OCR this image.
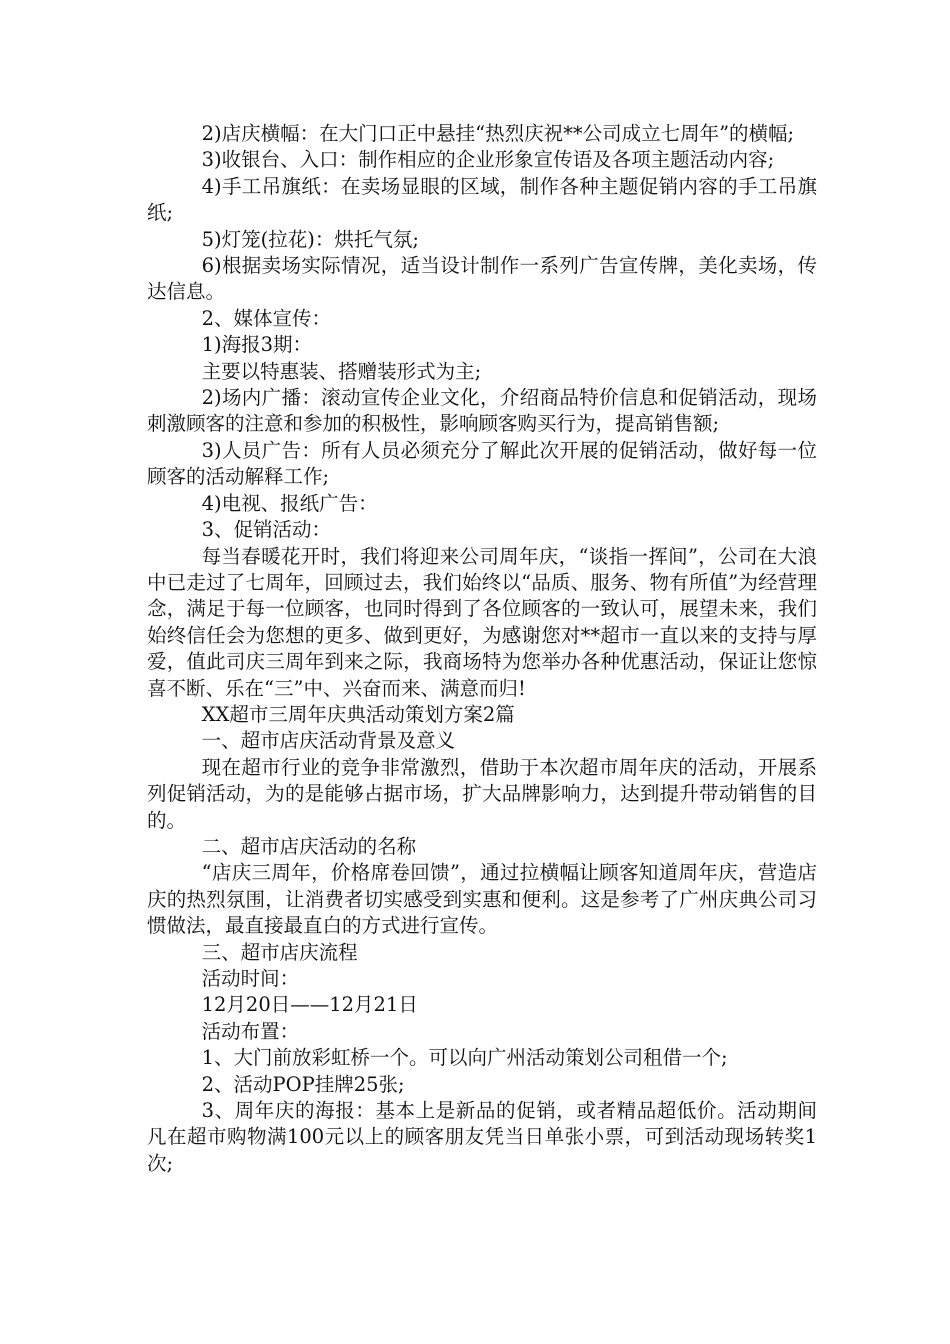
2)店庆横幅：在大门口正中悬挂“热烈庆祝**公司成立七周年”的横幅;

3)收银台、入口：制作相应的企业形象宣传语及各项主题活动内容;

4)手工吊旗纸：在卖场显眼的区域，制作各种主题促销内容的手工吊旗纸;

5)灯笼(拉花)：烘托气氛;

6)根据卖场实际情况，适当设计制作一系列广告宣传牌，美化卖场，传达信息。

2、媒体宣传：

1)海报3期：

主要以特惠装、搭赠装形式为主;

2)场内广播：滚动宣传企业文化，介绍商品特价信息和促销活动，现场刺激顾客的注意和参加的积极性，影响顾客购买行为，提高销售额;

3)人员广告：所有人员必须充分了解此次开展的促销活动，做好每一位顾客的活动解释工作;

4)电视、报纸广告：

3、促销活动：

每当春暖花开时，我们将迎来公司周年庆，“谈指一挥间”，公司在大浪中已走过了七周年，回顾过去，我们始终以“品质、服务、物有所值”为经营理念，满足于每一位顾客，也同时得到了各位顾客的一致认可，展望未来，我们始终信任会为您想的更多、做到更好，为感谢您对**超市一直以来的支持与厚爱，值此司庆三周年到来之际，我商场特为您举办各种优惠活动，保证让您惊喜不断、乐在“三”中、兴奋而来、满意而归!

XX超市三周年庆典活动策划方案2篇

一、超市店庆活动背景及意义

现在超市行业的竞争非常激烈，借助于本次超市周年庆的活动，开展系列促销活动，为的是能够占据市场，扩大品牌影响力，达到提升带动销售的目的。

二、超市店庆活动的名称

“店庆三周年，价格席卷回馈”，通过拉横幅让顾客知道周年庆，营造店庆的热烈氛围，让消费者切实感受到实惠和便利。这是参考了广州庆典公司习惯做法，最直接最直白的方式进行宣传。

三、超市店庆流程

活动时间：

12月20日——12月21日

活动布置：

1、大门前放彩虹桥一个。可以向广州活动策划公司租借一个;

2、活动POP挂牌25张;

3、周年庆的海报：基本上是新品的促销，或者精品超低价。活动期间凡在超市购物满100元以上的顾客朋友凭当日单张小票，可到活动现场转奖1次;
